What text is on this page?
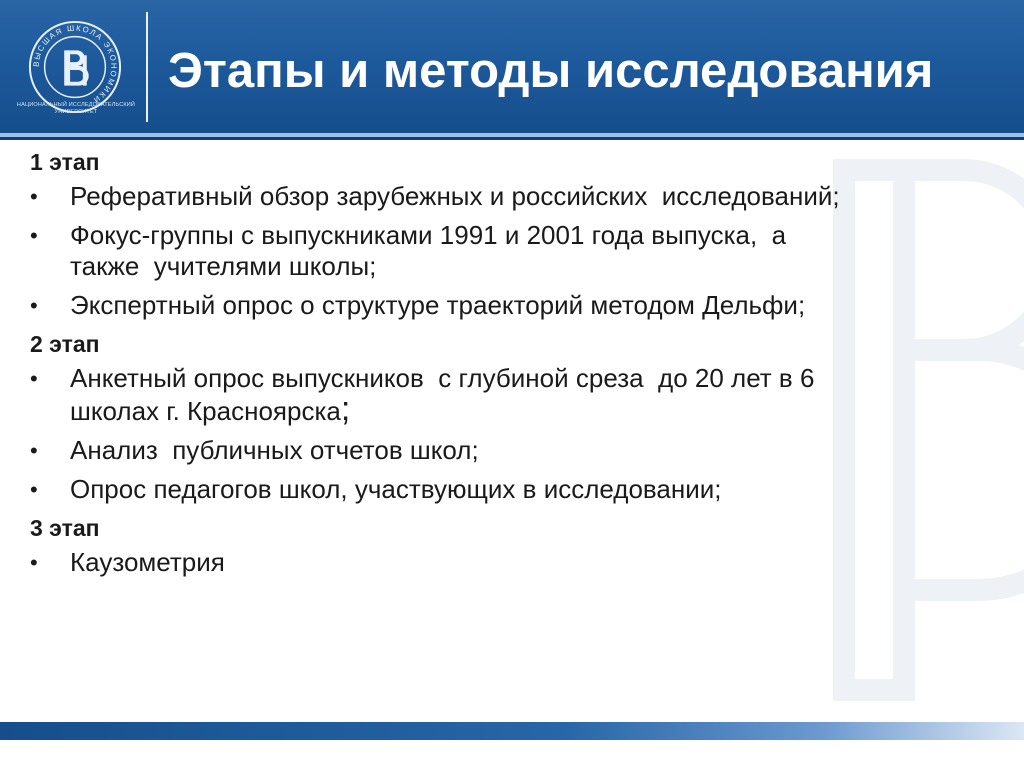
ВЫСШАЯ ШКОЛА ЭКОНОМИКИ
НАЦИОНАЛЬНЫЙ ИССЛЕДОВАТЕЛЬСКИЙ УНИВЕРСИТЕТ
Этапы и методы исследования
1 этап
• Реферативный обзор зарубежных и российских  исследований;
• Фокус-группы с выпускниками 1991 и 2001 года выпуска,  а
также  учителями школы;
• Экспертный опрос о структуре траекторий методом Дельфи;
2 этап
• Анкетный опрос выпускников  с глубиной среза  до 20 лет в 6
школах г. Красноярска;
• Анализ  публичных отчетов школ;
• Опрос педагогов школ, участвующих в исследовании;
3 этап
• Каузометрия
